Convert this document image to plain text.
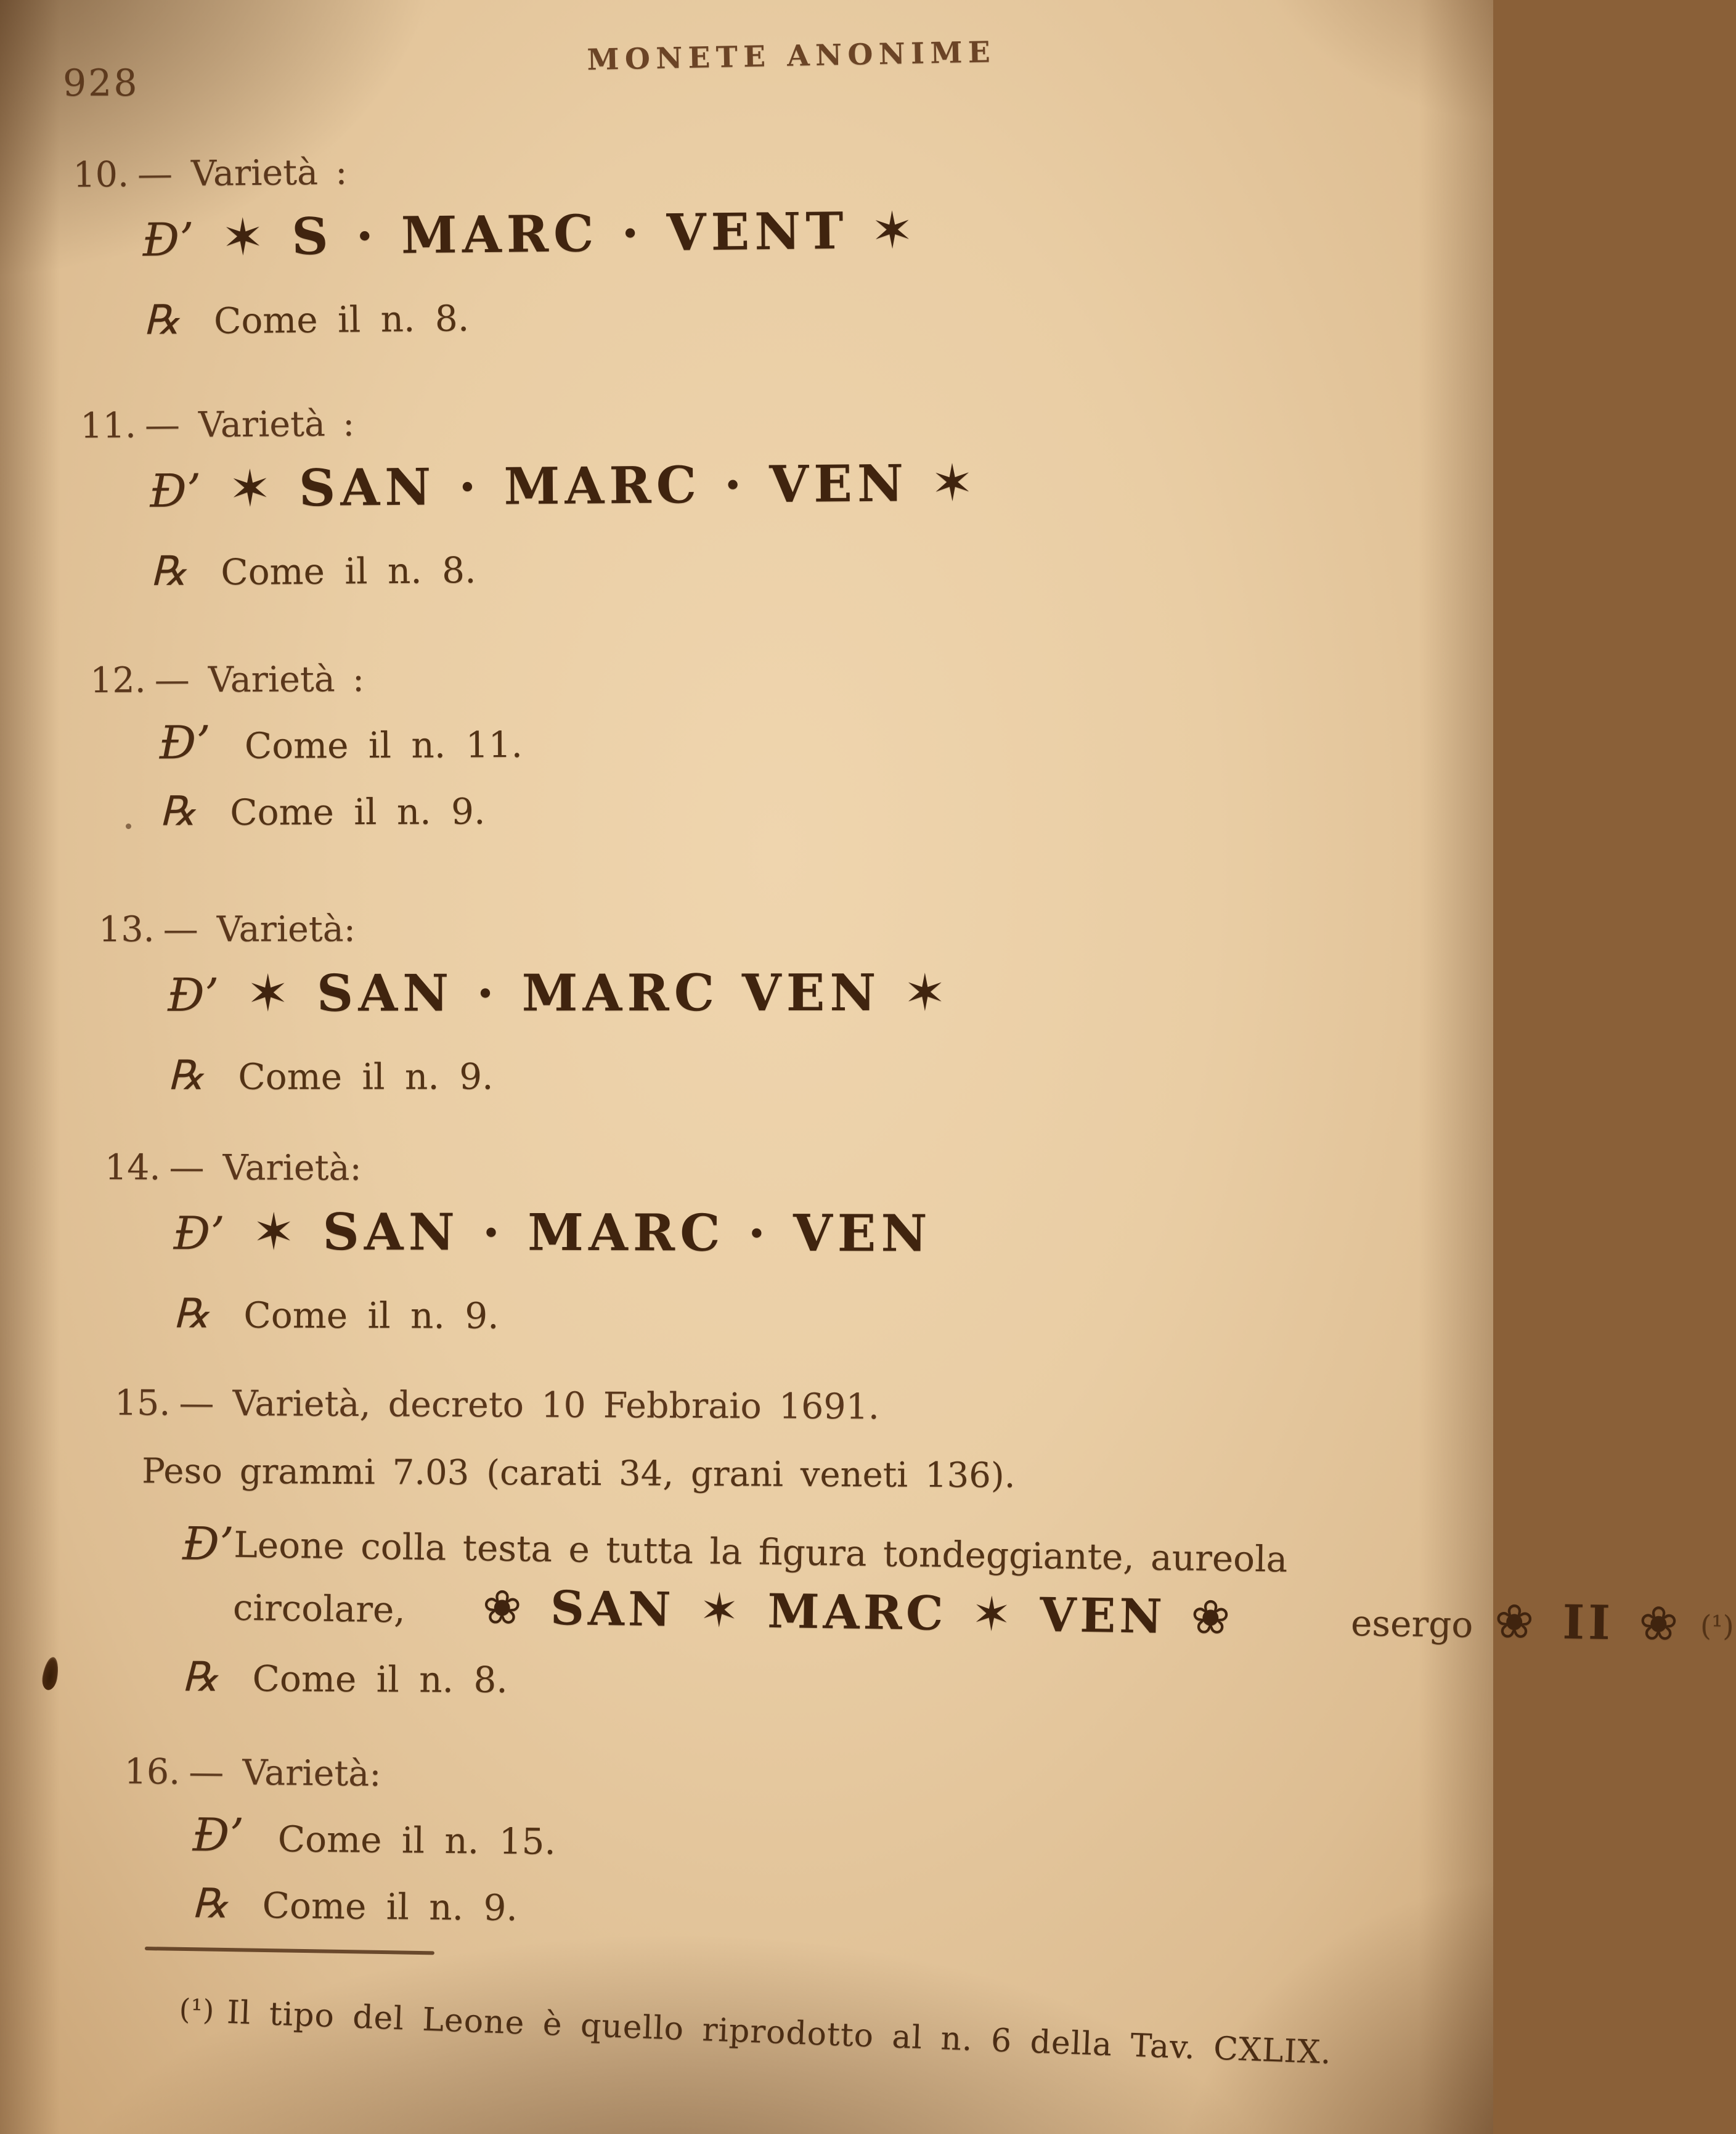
928
MONETE ANONIME
10. — Varietà :
Ɖ’ ✶ S · MARC · VENT ✶
℞ Come il n. 8.
11. — Varietà :
Ɖ’ ✶ SAN · MARC · VEN ✶
℞ Come il n. 8.
12. — Varietà :
Ɖ’ Come il n. 11.
℞ Come il n. 9.
13. — Varietà:
Ɖ’ ✶ SAN · MARC VEN ✶
℞ Come il n. 9.
14. — Varietà:
Ɖ’ ✶ SAN · MARC · VEN
℞ Come il n. 9.
15. — Varietà, decreto 10 Febbraio 1691.
Peso grammi 7.03 (carati 34, grani veneti 136).
Ɖ’Leone colla testa e tutta la figura tondeggiante, aureola
circolare, ❀ SAN ✶ MARC ✶ VEN ❀	esergo ❀ II ❀ (¹)
℞ Come il n. 8.
16. — Varietà:
Ɖ’ Come il n. 15.
℞ Come il n. 9.
(¹) Il tipo del Leone è quello riprodotto al n. 6 della Tav. CXLIX.
